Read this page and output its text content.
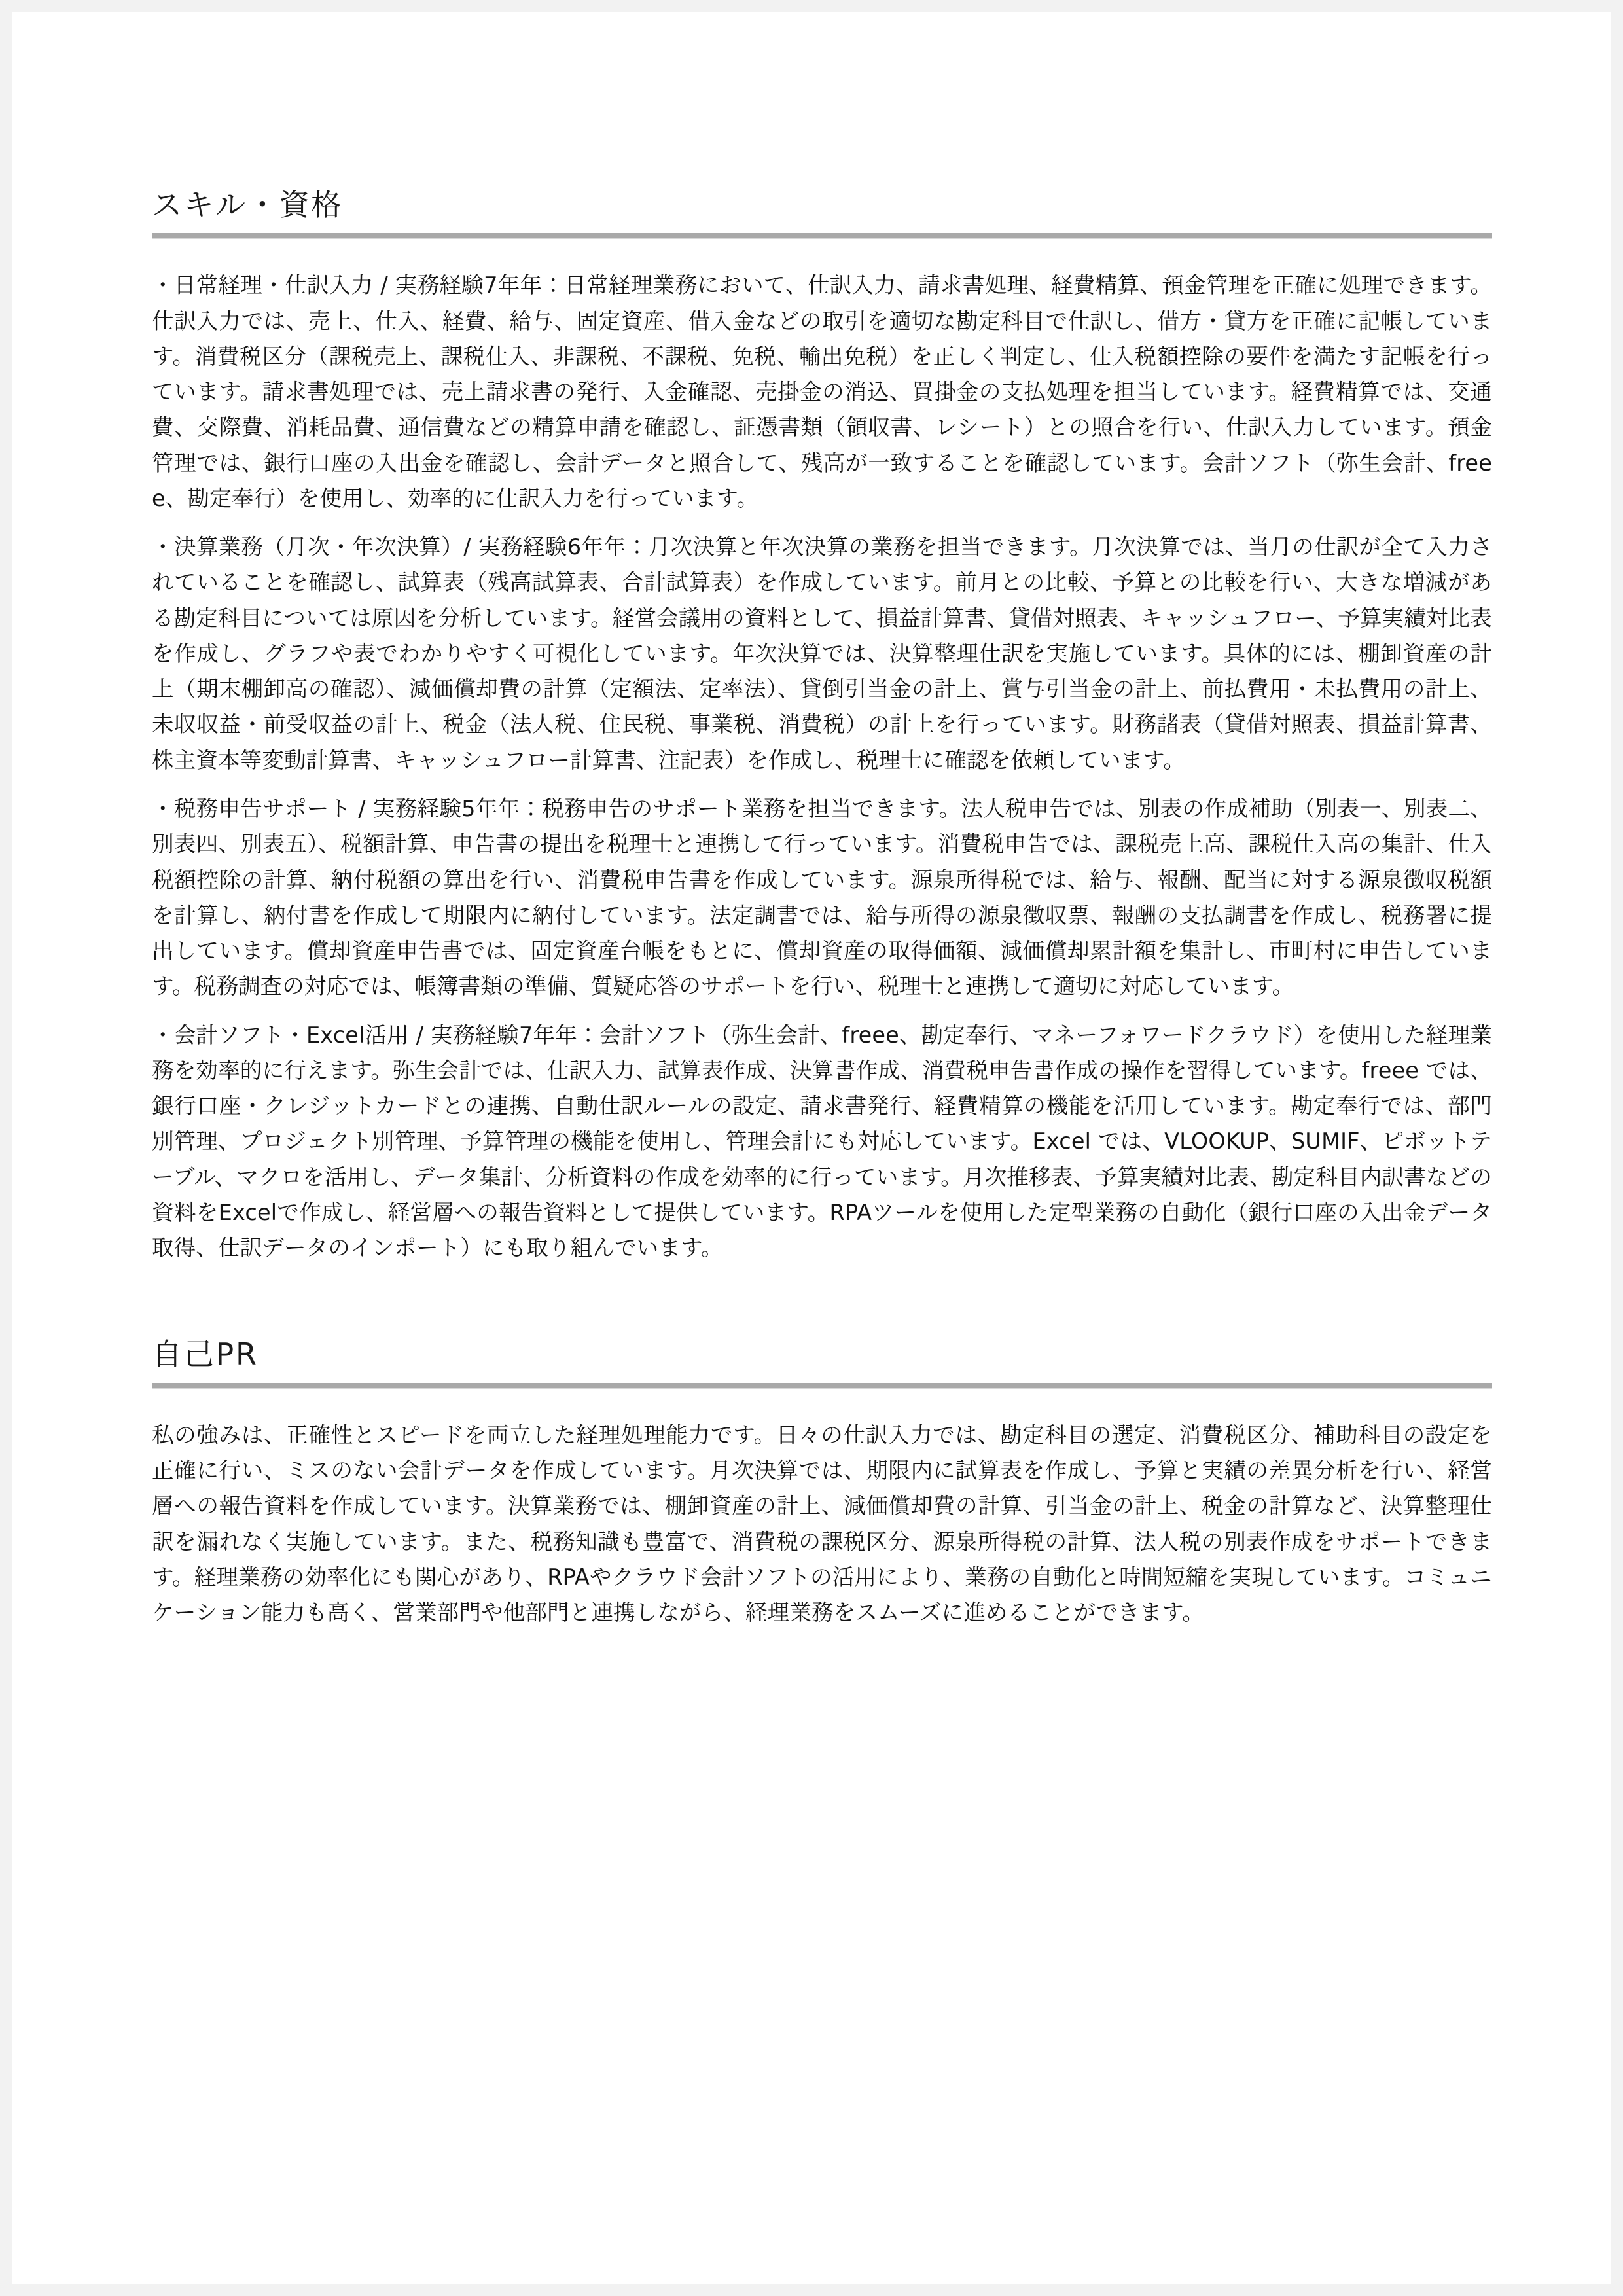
スキル・資格

・日常経理・仕訳入力 / 実務経験7年年：日常経理業務において、仕訳入力、請求書処理、経費精算、預金管理を正確に処理できます。仕訳入力では、売上、仕入、経費、給与、固定資産、借入金などの取引を適切な勘定科目で仕訳し、借方・貸方を正確に記帳しています。消費税区分（課税売上、課税仕入、非課税、不課税、免税、輸出免税）を正しく判定し、仕入税額控除の要件を満たす記帳を行っています。請求書処理では、売上請求書の発行、入金確認、売掛金の消込、買掛金の支払処理を担当しています。経費精算では、交通費、交際費、消耗品費、通信費などの精算申請を確認し、証憑書類（領収書、レシート）との照合を行い、仕訳入力しています。預金管理では、銀行口座の入出金を確認し、会計データと照合して、残高が一致することを確認しています。会計ソフト（弥生会計、freee、勘定奉行）を使用し、効率的に仕訳入力を行っています。

・決算業務（月次・年次決算）/ 実務経験6年年：月次決算と年次決算の業務を担当できます。月次決算では、当月の仕訳が全て入力されていることを確認し、試算表（残高試算表、合計試算表）を作成しています。前月との比較、予算との比較を行い、大きな増減がある勘定科目については原因を分析しています。経営会議用の資料として、損益計算書、貸借対照表、キャッシュフロー、予算実績対比表を作成し、グラフや表でわかりやすく可視化しています。年次決算では、決算整理仕訳を実施しています。具体的には、棚卸資産の計上（期末棚卸高の確認）、減価償却費の計算（定額法、定率法）、貸倒引当金の計上、賞与引当金の計上、前払費用・未払費用の計上、未収収益・前受収益の計上、税金（法人税、住民税、事業税、消費税）の計上を行っています。財務諸表（貸借対照表、損益計算書、株主資本等変動計算書、キャッシュフロー計算書、注記表）を作成し、税理士に確認を依頼しています。

・税務申告サポート / 実務経験5年年：税務申告のサポート業務を担当できます。法人税申告では、別表の作成補助（別表一、別表二、別表四、別表五）、税額計算、申告書の提出を税理士と連携して行っています。消費税申告では、課税売上高、課税仕入高の集計、仕入税額控除の計算、納付税額の算出を行い、消費税申告書を作成しています。源泉所得税では、給与、報酬、配当に対する源泉徴収税額を計算し、納付書を作成して期限内に納付しています。法定調書では、給与所得の源泉徴収票、報酬の支払調書を作成し、税務署に提出しています。償却資産申告書では、固定資産台帳をもとに、償却資産の取得価額、減価償却累計額を集計し、市町村に申告しています。税務調査の対応では、帳簿書類の準備、質疑応答のサポートを行い、税理士と連携して適切に対応しています。

・会計ソフト・Excel活用 / 実務経験7年年：会計ソフト（弥生会計、freee、勘定奉行、マネーフォワードクラウド）を使用した経理業務を効率的に行えます。弥生会計では、仕訳入力、試算表作成、決算書作成、消費税申告書作成の操作を習得しています。freee では、銀行口座・クレジットカードとの連携、自動仕訳ルールの設定、請求書発行、経費精算の機能を活用しています。勘定奉行では、部門別管理、プロジェクト別管理、予算管理の機能を使用し、管理会計にも対応しています。Excel では、VLOOKUP、SUMIF、ピボットテーブル、マクロを活用し、データ集計、分析資料の作成を効率的に行っています。月次推移表、予算実績対比表、勘定科目内訳書などの資料をExcelで作成し、経営層への報告資料として提供しています。RPAツールを使用した定型業務の自動化（銀行口座の入出金データ取得、仕訳データのインポート）にも取り組んでいます。

自己PR

私の強みは、正確性とスピードを両立した経理処理能力です。日々の仕訳入力では、勘定科目の選定、消費税区分、補助科目の設定を正確に行い、ミスのない会計データを作成しています。月次決算では、期限内に試算表を作成し、予算と実績の差異分析を行い、経営層への報告資料を作成しています。決算業務では、棚卸資産の計上、減価償却費の計算、引当金の計上、税金の計算など、決算整理仕訳を漏れなく実施しています。また、税務知識も豊富で、消費税の課税区分、源泉所得税の計算、法人税の別表作成をサポートできます。経理業務の効率化にも関心があり、RPAやクラウド会計ソフトの活用により、業務の自動化と時間短縮を実現しています。コミュニケーション能力も高く、営業部門や他部門と連携しながら、経理業務をスムーズに進めることができます。
